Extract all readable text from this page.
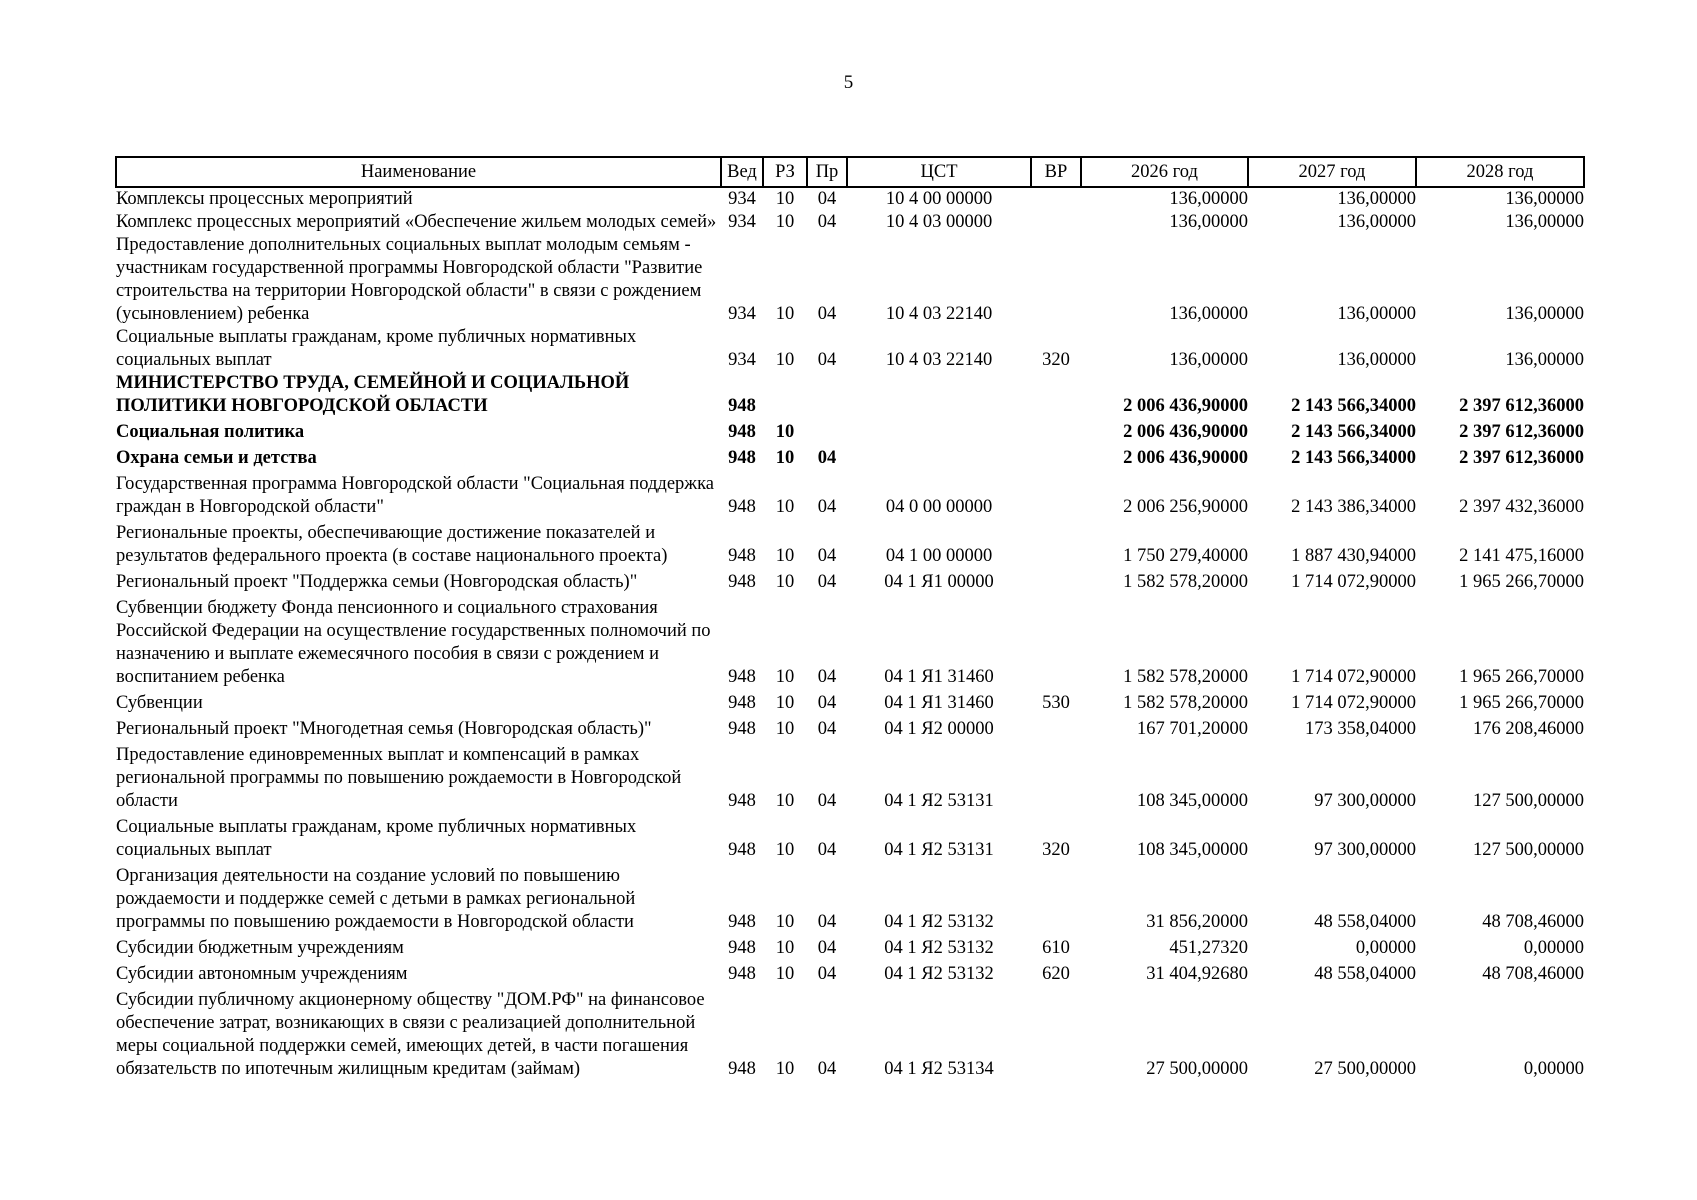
5
Наименование	Вед	РЗ	Пр	ЦСТ	ВР	2026 год	2027 год	2028 год
Комплексы процессных мероприятий	934	10	04	10 4 00 00000		136,00000	136,00000	136,00000
Комплекс процессных мероприятий «Обеспечение жильем молодых семей»	934	10	04	10 4 03 00000		136,00000	136,00000	136,00000
Предоставление дополнительных социальных выплат молодым семьям - участникам государственной программы Новгородской области "Развитие строительства на территории Новгородской области" в связи с рождением (усыновлением) ребенка	934	10	04	10 4 03 22140		136,00000	136,00000	136,00000
Социальные выплаты гражданам, кроме публичных нормативных социальных выплат	934	10	04	10 4 03 22140	320	136,00000	136,00000	136,00000
МИНИСТЕРСТВО ТРУДА, СЕМЕЙНОЙ И СОЦИАЛЬНОЙ ПОЛИТИКИ НОВГОРОДСКОЙ ОБЛАСТИ	948					2 006 436,90000	2 143 566,34000	2 397 612,36000
Социальная политика	948	10				2 006 436,90000	2 143 566,34000	2 397 612,36000
Охрана семьи и детства	948	10	04			2 006 436,90000	2 143 566,34000	2 397 612,36000
Государственная программа Новгородской области "Социальная поддержка граждан в Новгородской области"	948	10	04	04 0 00 00000		2 006 256,90000	2 143 386,34000	2 397 432,36000
Региональные проекты, обеспечивающие достижение показателей и результатов федерального проекта (в составе национального проекта)	948	10	04	04 1 00 00000		1 750 279,40000	1 887 430,94000	2 141 475,16000
Региональный проект "Поддержка семьи (Новгородская область)"	948	10	04	04 1 Я1 00000		1 582 578,20000	1 714 072,90000	1 965 266,70000
Субвенции бюджету Фонда пенсионного и социального страхования Российской Федерации на осуществление государственных полномочий по назначению и выплате ежемесячного пособия в связи с рождением и воспитанием ребенка	948	10	04	04 1 Я1 31460		1 582 578,20000	1 714 072,90000	1 965 266,70000
Субвенции	948	10	04	04 1 Я1 31460	530	1 582 578,20000	1 714 072,90000	1 965 266,70000
Региональный проект "Многодетная семья (Новгородская область)"	948	10	04	04 1 Я2 00000		167 701,20000	173 358,04000	176 208,46000
Предоставление единовременных выплат и компенсаций в рамках региональной программы по повышению рождаемости в Новгородской области	948	10	04	04 1 Я2 53131		108 345,00000	97 300,00000	127 500,00000
Социальные выплаты гражданам, кроме публичных нормативных социальных выплат	948	10	04	04 1 Я2 53131	320	108 345,00000	97 300,00000	127 500,00000
Организация деятельности на создание условий по повышению рождаемости и поддержке семей с детьми в рамках региональной программы по повышению рождаемости в Новгородской области	948	10	04	04 1 Я2 53132		31 856,20000	48 558,04000	48 708,46000
Субсидии бюджетным учреждениям	948	10	04	04 1 Я2 53132	610	451,27320	0,00000	0,00000
Субсидии автономным учреждениям	948	10	04	04 1 Я2 53132	620	31 404,92680	48 558,04000	48 708,46000
Субсидии публичному акционерному обществу "ДОМ.РФ" на финансовое обеспечение затрат, возникающих в связи с реализацией дополнительной меры социальной поддержки семей, имеющих детей, в части погашения обязательств по ипотечным жилищным кредитам (займам)	948	10	04	04 1 Я2 53134		27 500,00000	27 500,00000	0,00000
